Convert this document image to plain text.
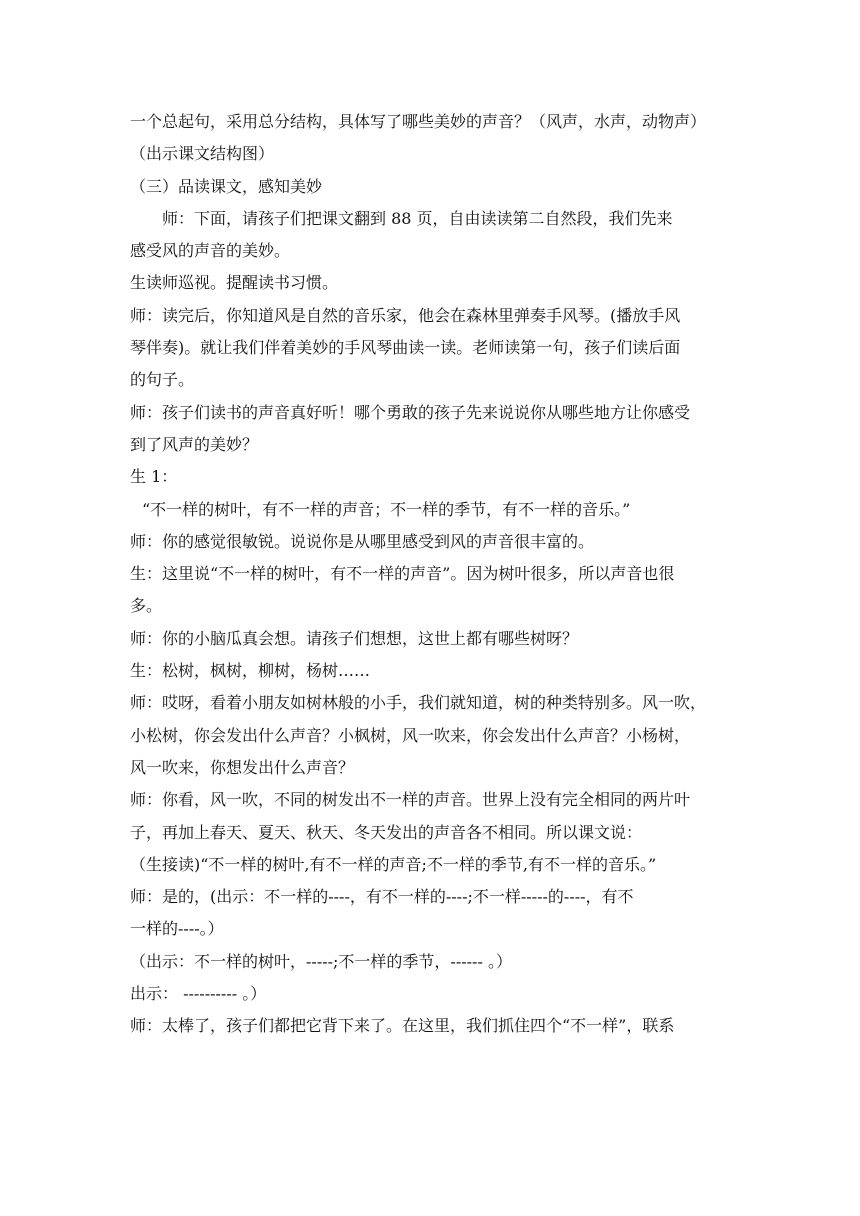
一个总起句，采用总分结构，具体写了哪些美妙的声音？（风声，水声，动物声）
（出示课文结构图）
（三）品读课文，感知美妙
师：下面，请孩子们把课文翻到 88 页，自由读读第二自然段，我们先来
感受风的声音的美妙。
生读师巡视。提醒读书习惯。
师：读完后，你知道风是自然的音乐家，他会在森林里弹奏手风琴。(播放手风
琴伴奏)。就让我们伴着美妙的手风琴曲读一读。老师读第一句，孩子们读后面
的句子。
师：孩子们读书的声音真好听！哪个勇敢的孩子先来说说你从哪些地方让你感受
到了风声的美妙？
生 1：
“不一样的树叶，有不一样的声音；不一样的季节，有不一样的音乐。”
师：你的感觉很敏锐。说说你是从哪里感受到风的声音很丰富的。
生：这里说“不一样的树叶，有不一样的声音”。因为树叶很多，所以声音也很
多。
师：你的小脑瓜真会想。请孩子们想想，这世上都有哪些树呀？
生：松树，枫树，柳树，杨树……
师：哎呀，看着小朋友如树林般的小手，我们就知道，树的种类特别多。风一吹，
小松树，你会发出什么声音？小枫树，风一吹来，你会发出什么声音？小杨树，
风一吹来，你想发出什么声音？
师：你看，风一吹，不同的树发出不一样的声音。世界上没有完全相同的两片叶
子，再加上春天、夏天、秋天、冬天发出的声音各不相同。所以课文说：
（生接读)“不一样的树叶,有不一样的声音;不一样的季节,有不一样的音乐。”
师：是的，(出示：不一样的----，有不一样的----;不一样-----的----，有不
一样的----。）
（出示：不一样的树叶，-----;不一样的季节，------ 。）
出示： ---------- 。）
师：太棒了，孩子们都把它背下来了。在这里，我们抓住四个“不一样”，联系
